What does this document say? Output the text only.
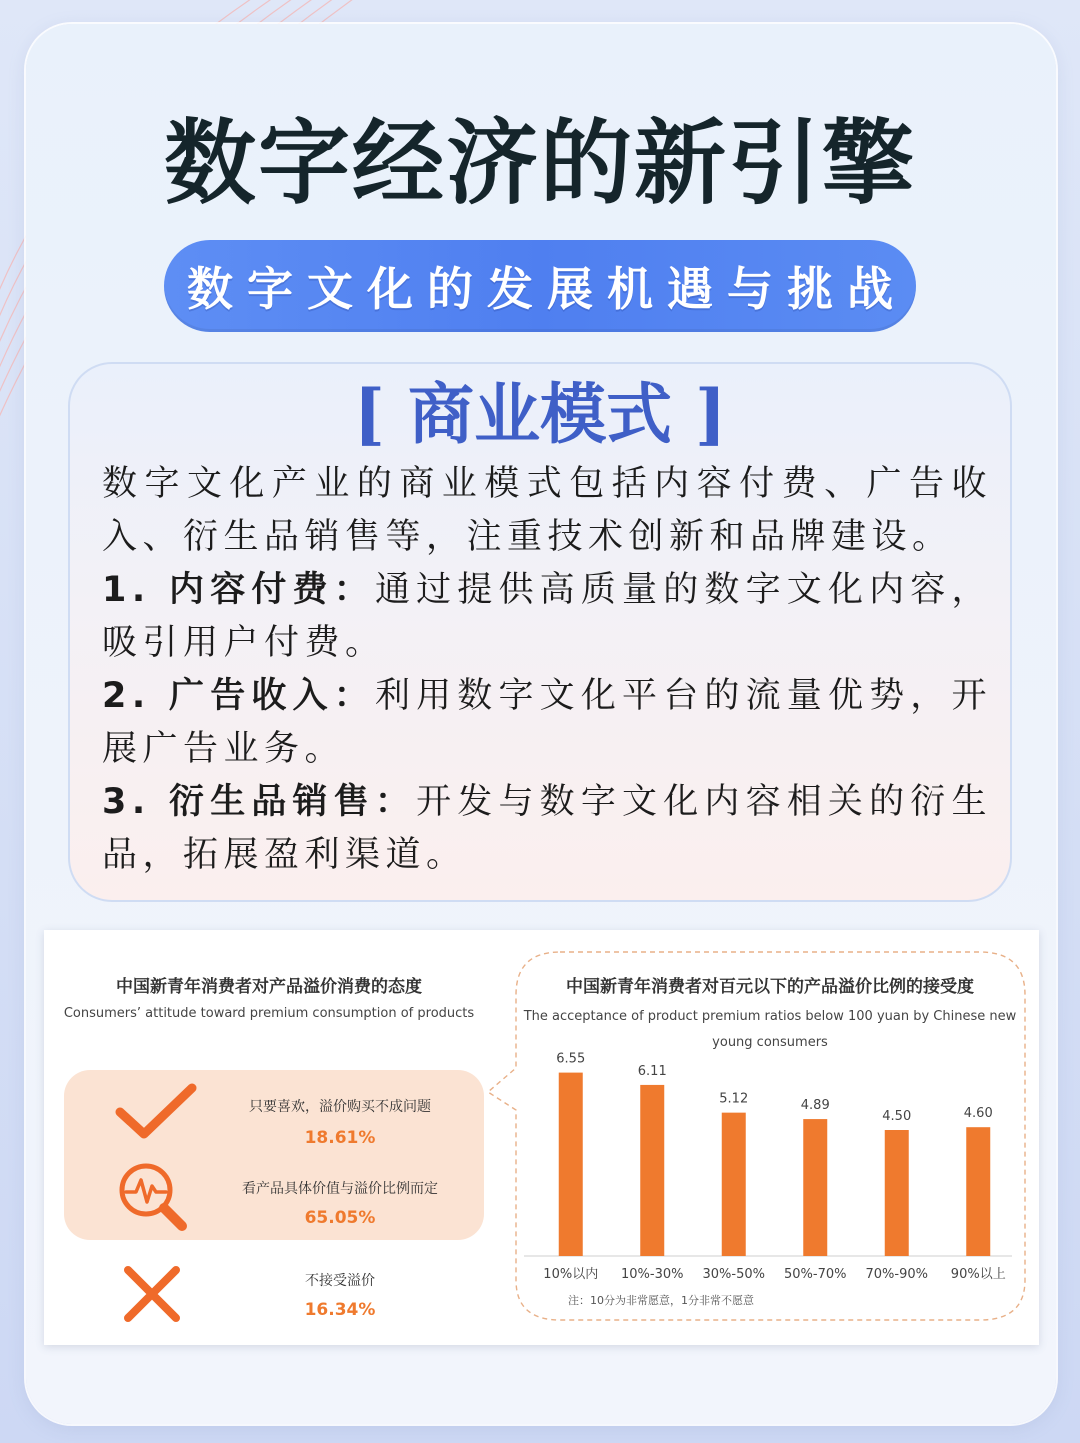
数字经济的新引擎
数字文化的发展机遇与挑战
[ 商业模式 ]

数字文化产业的商业模式包括内容付费、广告收入、衍生品销售等，注重技术创新和品牌建设。

1. 内容付费：通过提供高质量的数字文化内容，吸引用户付费。

2. 广告收入：利用数字文化平台的流量优势，开展广告业务。

3. 衍生品销售：开发与数字文化内容相关的衍生品，拓展盈利渠道。

中国新青年消费者对产品溢价消费的态度
Consumers’ attitude toward premium consumption of products
只要喜欢，溢价购买不成问题
18.61%
看产品具体价值与溢价比例而定
65.05%
不接受溢价
16.34%
中国新青年消费者对百元以下的产品溢价比例的接受度
The acceptance of product premium ratios below 100 yuan by Chinese new young consumers
6.55
10%以内
6.11
10%-30%
5.12
30%-50%
4.89
50%-70%
4.50
70%-90%
4.60
90%以上
注：10分为非常愿意，1分非常不愿意
